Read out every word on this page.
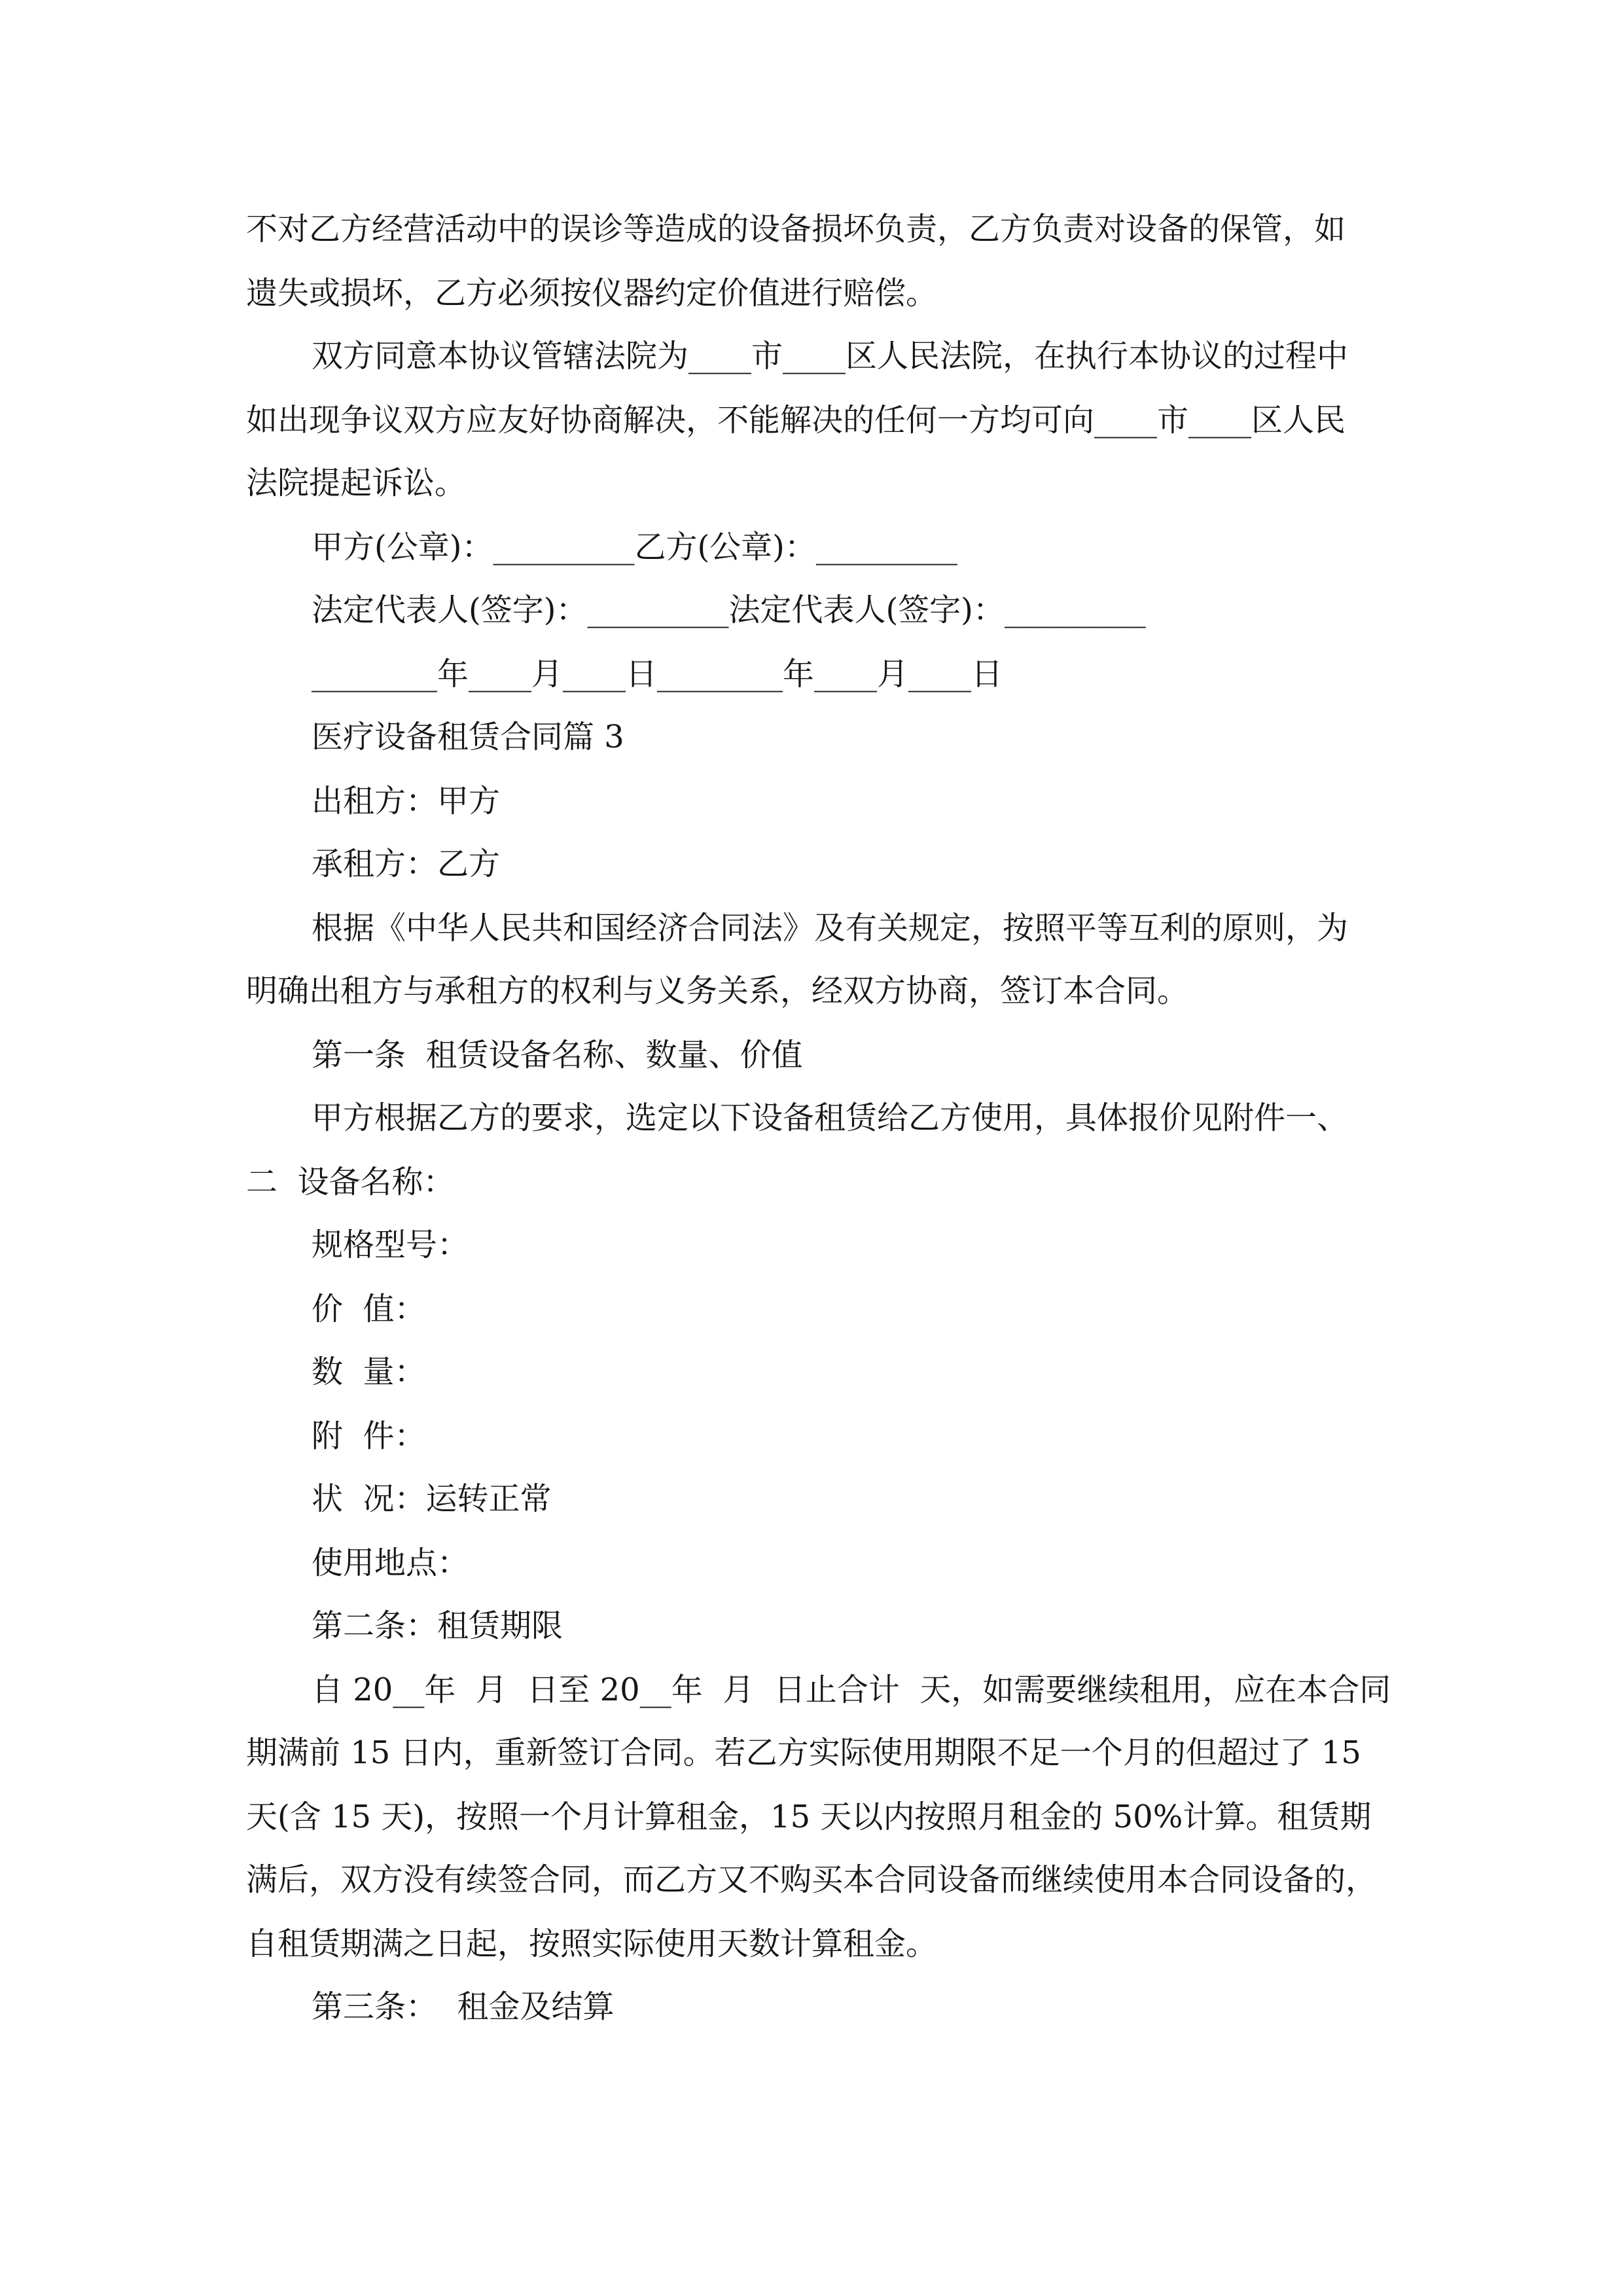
不对乙方经营活动中的误诊等造成的设备损坏负责，乙方负责对设备的保管，如
遗失或损坏，乙方必须按仪器约定价值进行赔偿。
双方同意本协议管辖法院为____市____区人民法院，在执行本协议的过程中
如出现争议双方应友好协商解决，不能解决的任何一方均可向____市____区人民
法院提起诉讼。
甲方(公章)：_________乙方(公章)：_________
法定代表人(签字)：_________法定代表人(签字)：_________
________年____月____日________年____月____日
医疗设备租赁合同篇 3
出租方：甲方
承租方：乙方
根据《中华人民共和国经济合同法》及有关规定，按照平等互利的原则，为
明确出租方与承租方的权利与义务关系，经双方协商，签订本合同。
第一条  租赁设备名称、数量、价值
甲方根据乙方的要求，选定以下设备租赁给乙方使用，具体报价见附件一、
二  设备名称：
规格型号：
价  值：
数  量：
附  件：
状  况：运转正常
使用地点：
第二条：租赁期限
自 20__年  月  日至 20__年  月  日止合计  天，如需要继续租用，应在本合同
期满前 15 日内，重新签订合同。若乙方实际使用期限不足一个月的但超过了 15
天(含 15 天)，按照一个月计算租金，15 天以内按照月租金的 50%计算。租赁期
满后，双方没有续签合同，而乙方又不购买本合同设备而继续使用本合同设备的，
自租赁期满之日起，按照实际使用天数计算租金。
第三条：  租金及结算
